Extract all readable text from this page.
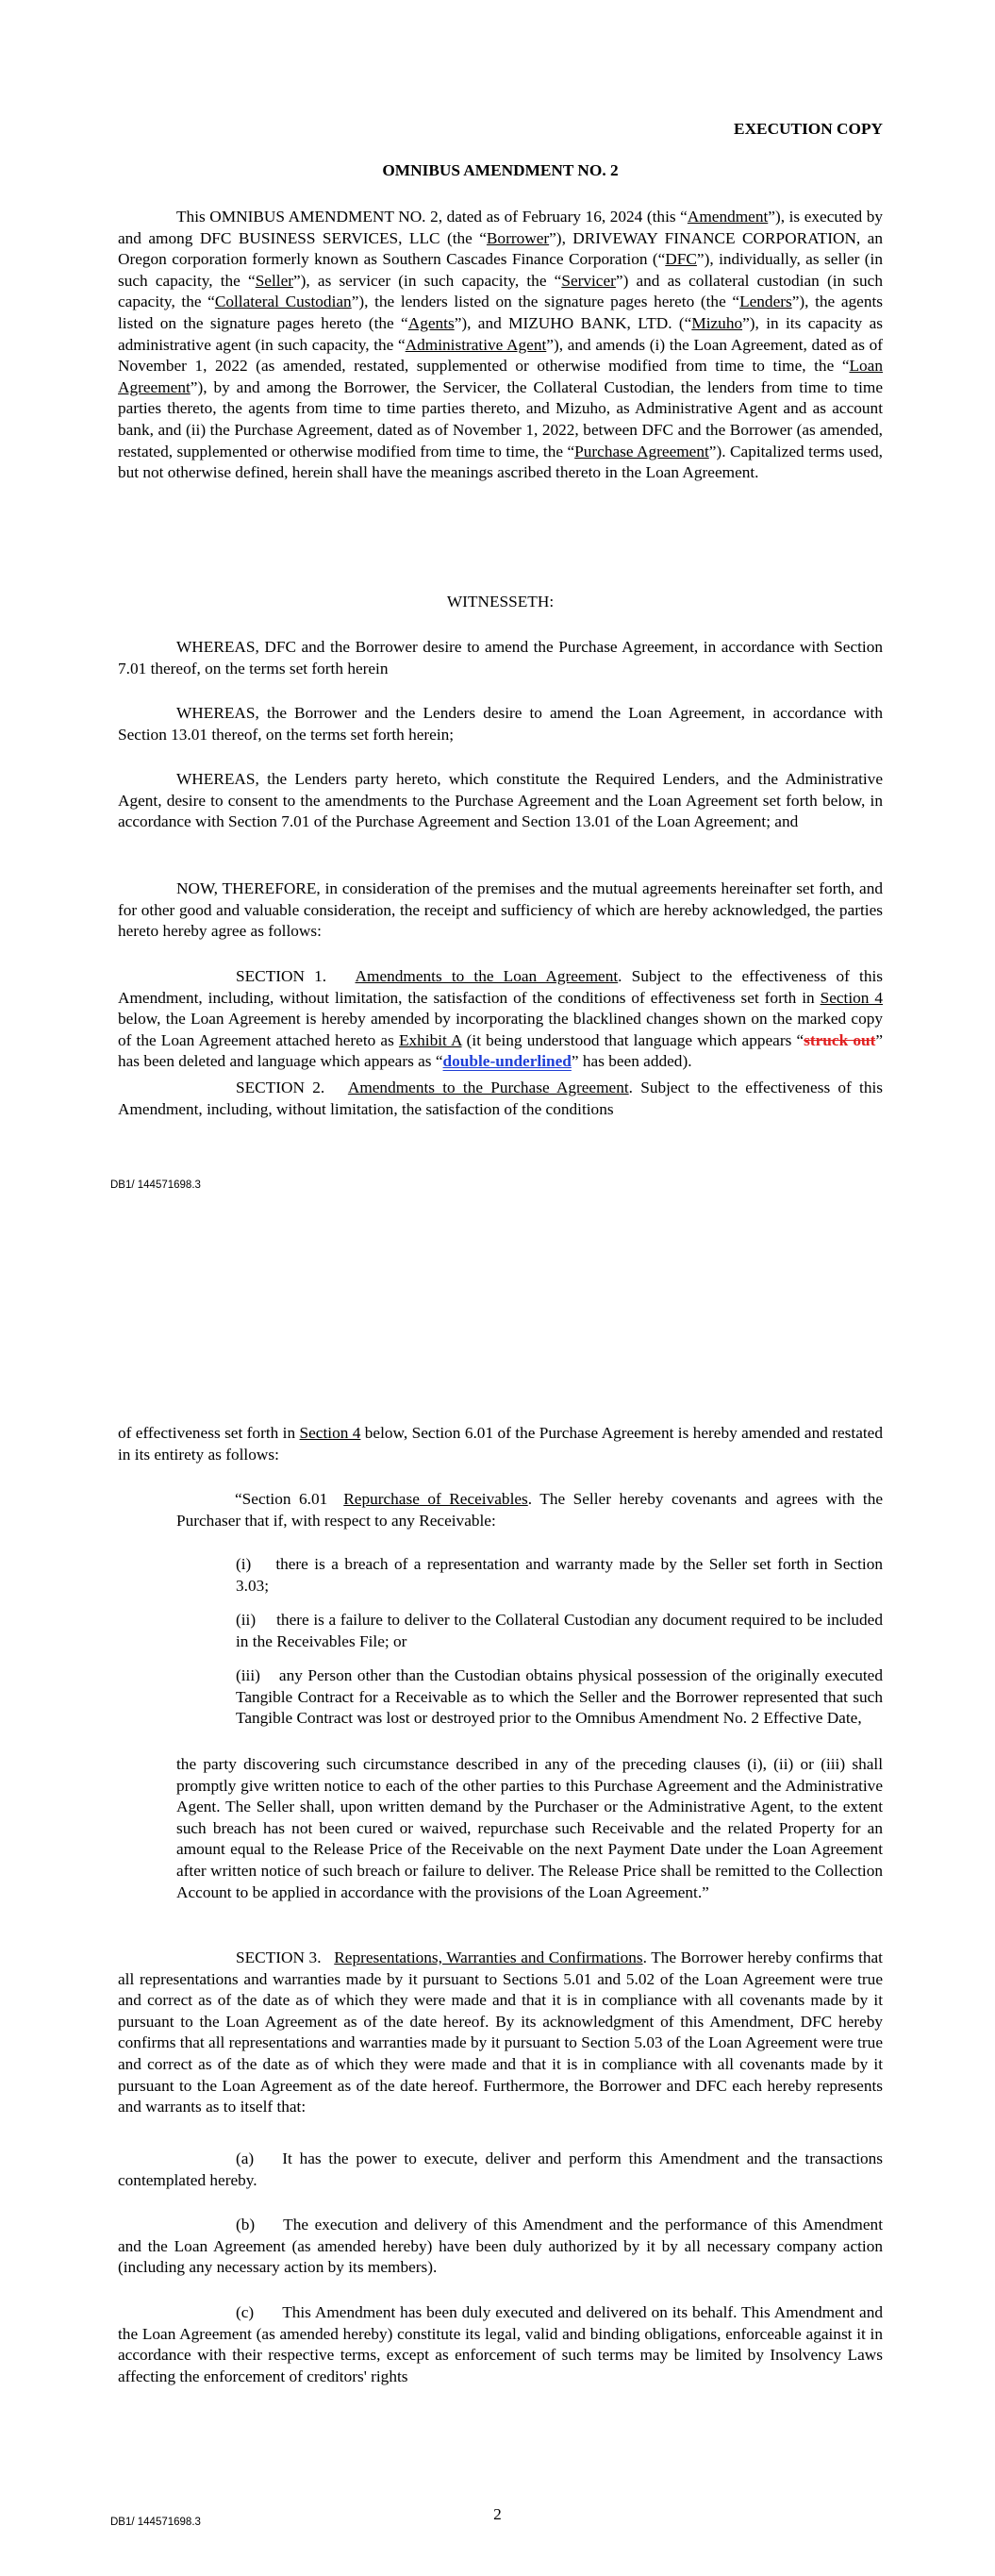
EXECUTION COPY

OMNIBUS AMENDMENT NO. 2

This OMNIBUS AMENDMENT NO. 2, dated as of February 16, 2024 (this “Amendment”), is executed by and among DFC BUSINESS SERVICES, LLC (the “Borrower”), DRIVEWAY FINANCE CORPORATION, an Oregon corporation formerly known as Southern Cascades Finance Corporation (“DFC”), individually, as seller (in such capacity, the “Seller”), as servicer (in such capacity, the “Servicer”) and as collateral custodian (in such capacity, the “Collateral Custodian”), the lenders listed on the signature pages hereto (the “Lenders”), the agents listed on the signature pages hereto (the “Agents”), and MIZUHO BANK, LTD. (“Mizuho”), in its capacity as administrative agent (in such capacity, the “Administrative Agent”), and amends (i) the Loan Agreement, dated as of November 1, 2022 (as amended, restated, supplemented or otherwise modified from time to time, the “Loan Agreement”), by and among the Borrower, the Servicer, the Collateral Custodian, the lenders from time to time parties thereto, the agents from time to time parties thereto, and Mizuho, as Administrative Agent and as account bank, and (ii) the Purchase Agreement, dated as of November 1, 2022, between DFC and the Borrower (as amended, restated, supplemented or otherwise modified from time to time, the “Purchase Agreement”). Capitalized terms used, but not otherwise defined, herein shall have the meanings ascribed thereto in the Loan Agreement.

WITNESSETH:

WHEREAS, DFC and the Borrower desire to amend the Purchase Agreement, in accordance with Section 7.01 thereof, on the terms set forth herein

WHEREAS, the Borrower and the Lenders desire to amend the Loan Agreement, in accordance with Section 13.01 thereof, on the terms set forth herein;

WHEREAS, the Lenders party hereto, which constitute the Required Lenders, and the Administrative Agent, desire to consent to the amendments to the Purchase Agreement and the Loan Agreement set forth below, in accordance with Section 7.01 of the Purchase Agreement and Section 13.01 of the Loan Agreement; and

NOW, THEREFORE, in consideration of the premises and the mutual agreements hereinafter set forth, and for other good and valuable consideration, the receipt and sufficiency of which are hereby acknowledged, the parties hereto hereby agree as follows:

SECTION 1. Amendments to the Loan Agreement. Subject to the effectiveness of this Amendment, including, without limitation, the satisfaction of the conditions of effectiveness set forth in Section 4 below, the Loan Agreement is hereby amended by incorporating the blacklined changes shown on the marked copy of the Loan Agreement attached hereto as Exhibit A (it being understood that language which appears “struck out” has been deleted and language which appears as “double-underlined” has been added).

SECTION 2. Amendments to the Purchase Agreement. Subject to the effectiveness of this Amendment, including, without limitation, the satisfaction of the conditions

DB1/ 144571698.3

of effectiveness set forth in Section 4 below, Section 6.01 of the Purchase Agreement is hereby amended and restated in its entirety as follows:

“Section 6.01 Repurchase of Receivables. The Seller hereby covenants and agrees with the Purchaser that if, with respect to any Receivable:

(i) there is a breach of a representation and warranty made by the Seller set forth in Section 3.03;

(ii) there is a failure to deliver to the Collateral Custodian any document required to be included in the Receivables File; or

(iii) any Person other than the Custodian obtains physical possession of the originally executed Tangible Contract for a Receivable as to which the Seller and the Borrower represented that such Tangible Contract was lost or destroyed prior to the Omnibus Amendment No. 2 Effective Date,

the party discovering such circumstance described in any of the preceding clauses (i), (ii) or (iii) shall promptly give written notice to each of the other parties to this Purchase Agreement and the Administrative Agent. The Seller shall, upon written demand by the Purchaser or the Administrative Agent, to the extent such breach has not been cured or waived, repurchase such Receivable and the related Property for an amount equal to the Release Price of the Receivable on the next Payment Date under the Loan Agreement after written notice of such breach or failure to deliver. The Release Price shall be remitted to the Collection Account to be applied in accordance with the provisions of the Loan Agreement.”

SECTION 3. Representations, Warranties and Confirmations. The Borrower hereby confirms that all representations and warranties made by it pursuant to Sections 5.01 and 5.02 of the Loan Agreement were true and correct as of the date as of which they were made and that it is in compliance with all covenants made by it pursuant to the Loan Agreement as of the date hereof. By its acknowledgment of this Amendment, DFC hereby confirms that all representations and warranties made by it pursuant to Section 5.03 of the Loan Agreement were true and correct as of the date as of which they were made and that it is in compliance with all covenants made by it pursuant to the Loan Agreement as of the date hereof. Furthermore, the Borrower and DFC each hereby represents and warrants as to itself that:

(a) It has the power to execute, deliver and perform this Amendment and the transactions contemplated hereby.

(b) The execution and delivery of this Amendment and the performance of this Amendment and the Loan Agreement (as amended hereby) have been duly authorized by it by all necessary company action (including any necessary action by its members).

(c) This Amendment has been duly executed and delivered on its behalf. This Amendment and the Loan Agreement (as amended hereby) constitute its legal, valid and binding obligations, enforceable against it in accordance with their respective terms, except as enforcement of such terms may be limited by Insolvency Laws affecting the enforcement of creditors' rights

2
DB1/ 144571698.3
